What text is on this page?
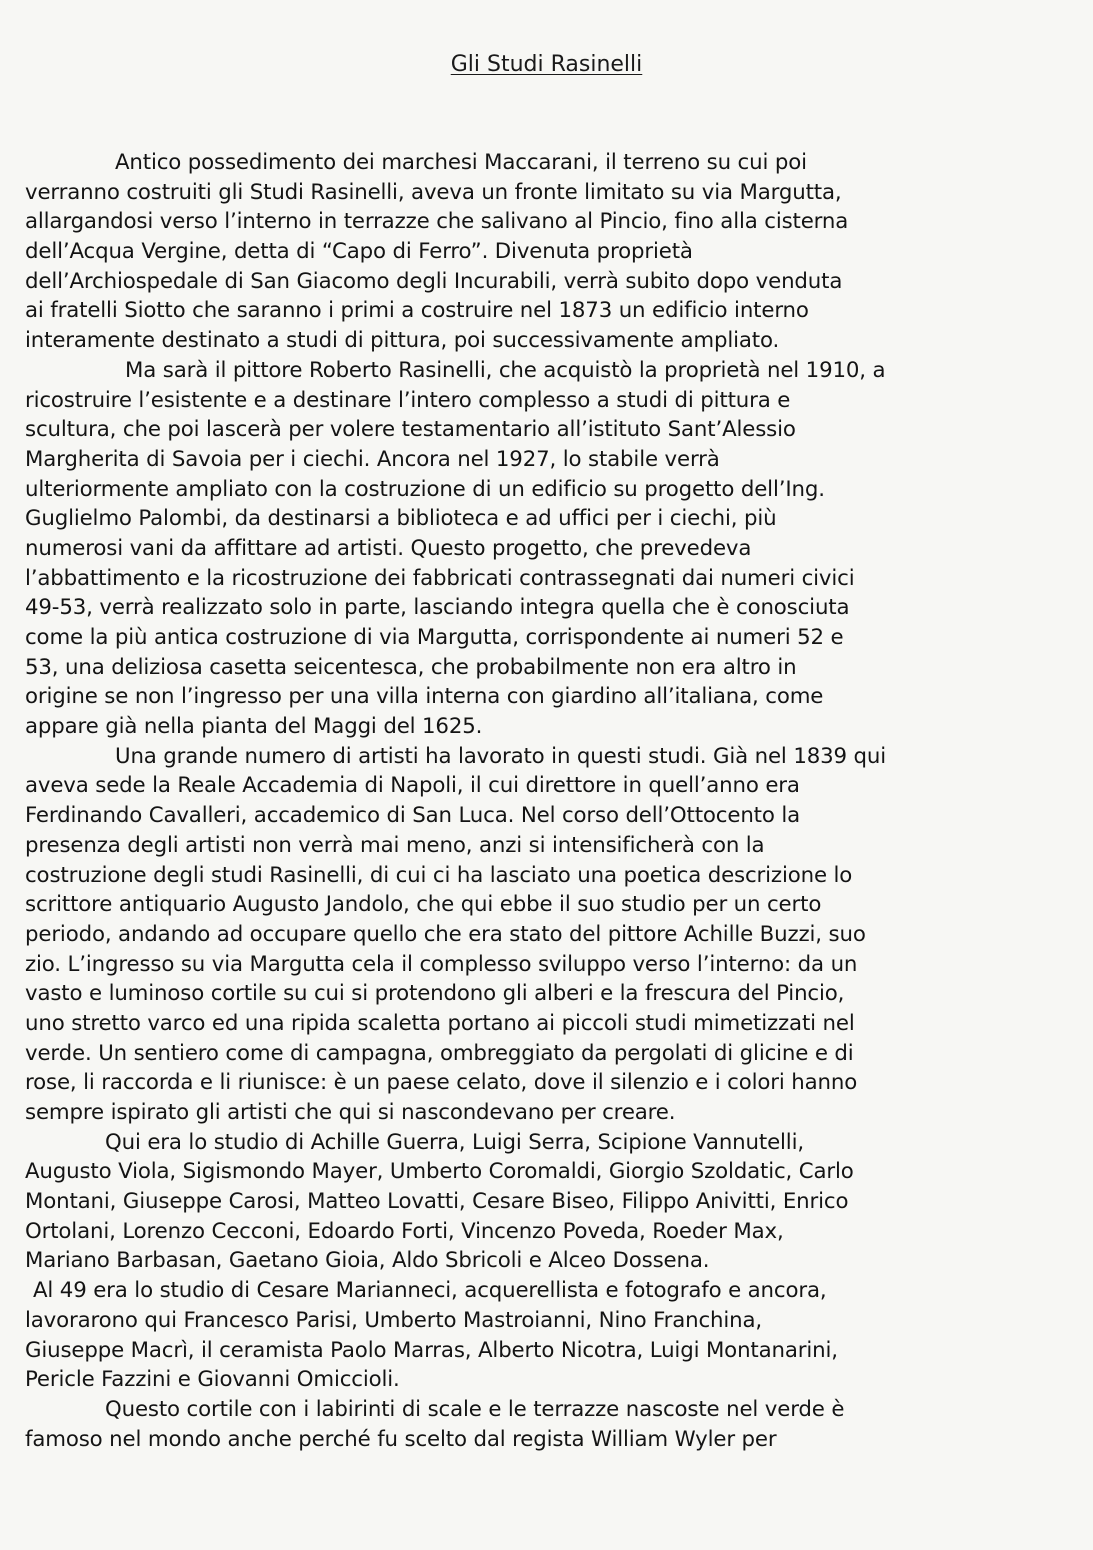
Gli Studi Rasinelli
Antico possedimento dei marchesi Maccarani, il terreno su cui poi
verranno costruiti gli Studi Rasinelli, aveva un fronte limitato su via Margutta,
allargandosi verso l’interno in terrazze che salivano al Pincio, fino alla cisterna
dell’Acqua Vergine, detta di “Capo di Ferro”. Divenuta proprietà
dell’Archiospedale di San Giacomo degli Incurabili, verrà subito dopo venduta
ai fratelli Siotto che saranno i primi a costruire nel 1873 un edificio interno
interamente destinato a studi di pittura, poi successivamente ampliato.
Ma sarà il pittore Roberto Rasinelli, che acquistò la proprietà nel 1910, a
ricostruire l’esistente e a destinare l’intero complesso a studi di pittura e
scultura, che poi lascerà per volere testamentario all’istituto Sant’Alessio
Margherita di Savoia per i ciechi. Ancora nel 1927, lo stabile verrà
ulteriormente ampliato con la costruzione di un edificio su progetto dell’Ing.
Guglielmo Palombi, da destinarsi a biblioteca e ad uffici per i ciechi, più
numerosi vani da affittare ad artisti. Questo progetto, che prevedeva
l’abbattimento e la ricostruzione dei fabbricati contrassegnati dai numeri civici
49-53, verrà realizzato solo in parte, lasciando integra quella che è conosciuta
come la più antica costruzione di via Margutta, corrispondente ai numeri 52 e
53, una deliziosa casetta seicentesca, che probabilmente non era altro in
origine se non l’ingresso per una villa interna con giardino all’italiana, come
appare già nella pianta del Maggi del 1625.
Una grande numero di artisti ha lavorato in questi studi. Già nel 1839 qui
aveva sede la Reale Accademia di Napoli, il cui direttore in quell’anno era
Ferdinando Cavalleri, accademico di San Luca. Nel corso dell’Ottocento la
presenza degli artisti non verrà mai meno, anzi si intensificherà con la
costruzione degli studi Rasinelli, di cui ci ha lasciato una poetica descrizione lo
scrittore antiquario Augusto Jandolo, che qui ebbe il suo studio per un certo
periodo, andando ad occupare quello che era stato del pittore Achille Buzzi, suo
zio. L’ingresso su via Margutta cela il complesso sviluppo verso l’interno: da un
vasto e luminoso cortile su cui si protendono gli alberi e la frescura del Pincio,
uno stretto varco ed una ripida scaletta portano ai piccoli studi mimetizzati nel
verde. Un sentiero come di campagna, ombreggiato da pergolati di glicine e di
rose, li raccorda e li riunisce: è un paese celato, dove il silenzio e i colori hanno
sempre ispirato gli artisti che qui si nascondevano per creare.
Qui era lo studio di Achille Guerra, Luigi Serra, Scipione Vannutelli,
Augusto Viola, Sigismondo Mayer, Umberto Coromaldi, Giorgio Szoldatic, Carlo
Montani, Giuseppe Carosi, Matteo Lovatti, Cesare Biseo, Filippo Anivitti, Enrico
Ortolani, Lorenzo Cecconi, Edoardo Forti, Vincenzo Poveda, Roeder Max,
Mariano Barbasan, Gaetano Gioia, Aldo Sbricoli e Alceo Dossena.
Al 49 era lo studio di Cesare Marianneci, acquerellista e fotografo e ancora,
lavorarono qui Francesco Parisi, Umberto Mastroianni, Nino Franchina,
Giuseppe Macrì, il ceramista Paolo Marras, Alberto Nicotra, Luigi Montanarini,
Pericle Fazzini e Giovanni Omiccioli.
Questo cortile con i labirinti di scale e le terrazze nascoste nel verde è
famoso nel mondo anche perché fu scelto dal regista William Wyler per
